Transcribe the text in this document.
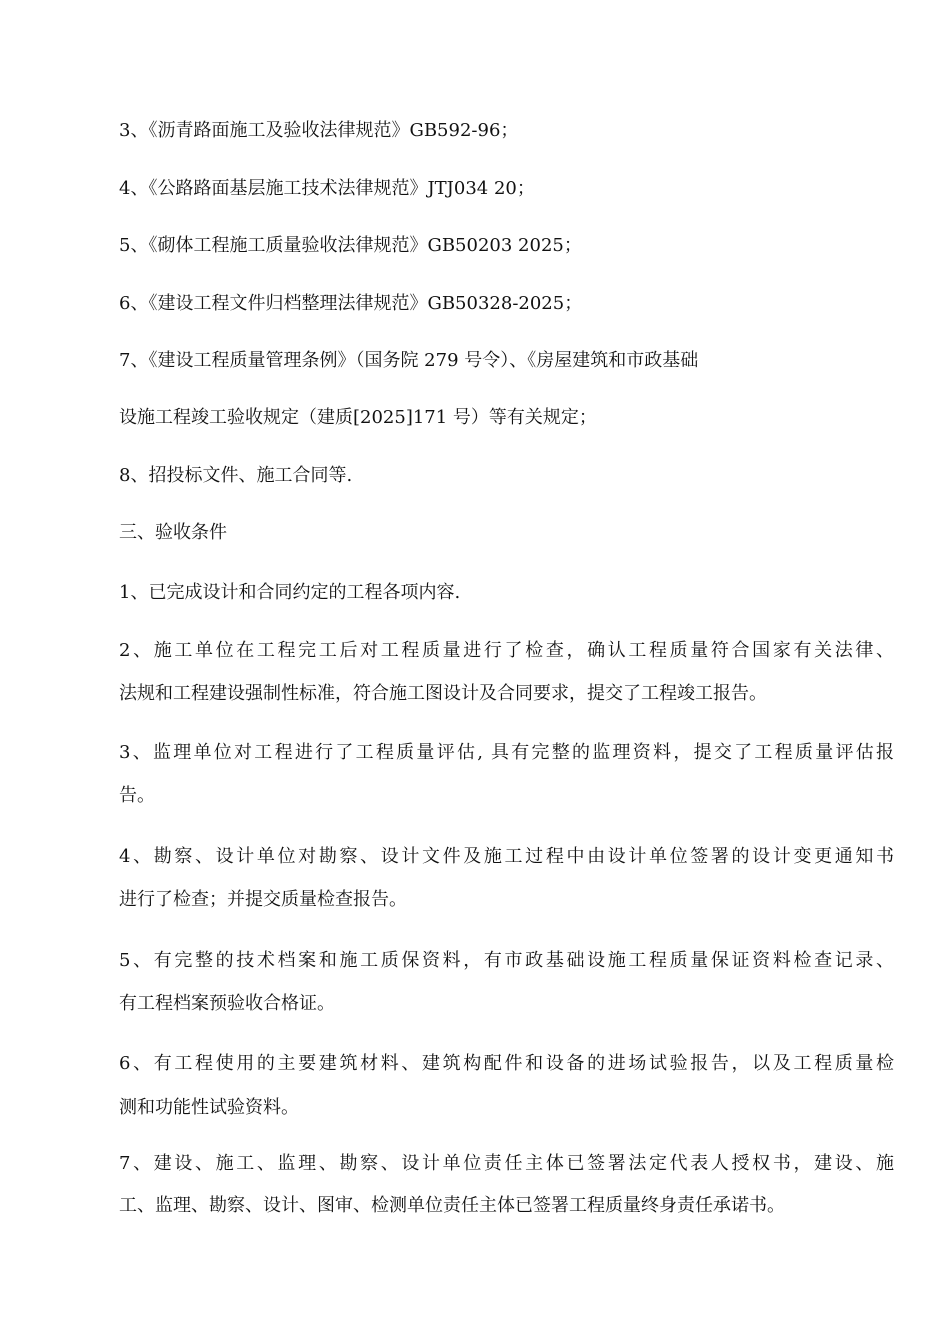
3、《沥青路面施工及验收法律规范》GB592-96；
4、《公路路面基层施工技术法律规范》JTJ034 20；
5、《砌体工程施工质量验收法律规范》GB50203 2025；
6、《建设工程文件归档整理法律规范》GB50328-2025；
7、《建设工程质量管理条例》（国务院 279 号令）、《房屋建筑和市政基础
设施工程竣工验收规定（建质[2025]171 号）等有关规定；
8、招投标文件、施工合同等.
三、验收条件
1、已完成设计和合同约定的工程各项内容.
2、施工单位在工程完工后对工程质量进行了检查，确认工程质量符合国家有关法律、
法规和工程建设强制性标准，符合施工图设计及合同要求，提交了工程竣工报告。
3、监理单位对工程进行了工程质量评估, 具有完整的监理资料，提交了工程质量评估报
告。
4、勘察、设计单位对勘察、设计文件及施工过程中由设计单位签署的设计变更通知书
进行了检查；并提交质量检查报告。
5、有完整的技术档案和施工质保资料，有市政基础设施工程质量保证资料检查记录、
有工程档案预验收合格证。
6、有工程使用的主要建筑材料、建筑构配件和设备的进场试验报告，以及工程质量检
测和功能性试验资料。
7、建设、施工、监理、勘察、设计单位责任主体已签署法定代表人授权书，建设、施
工、监理、勘察、设计、图审、检测单位责任主体已签署工程质量终身责任承诺书。
